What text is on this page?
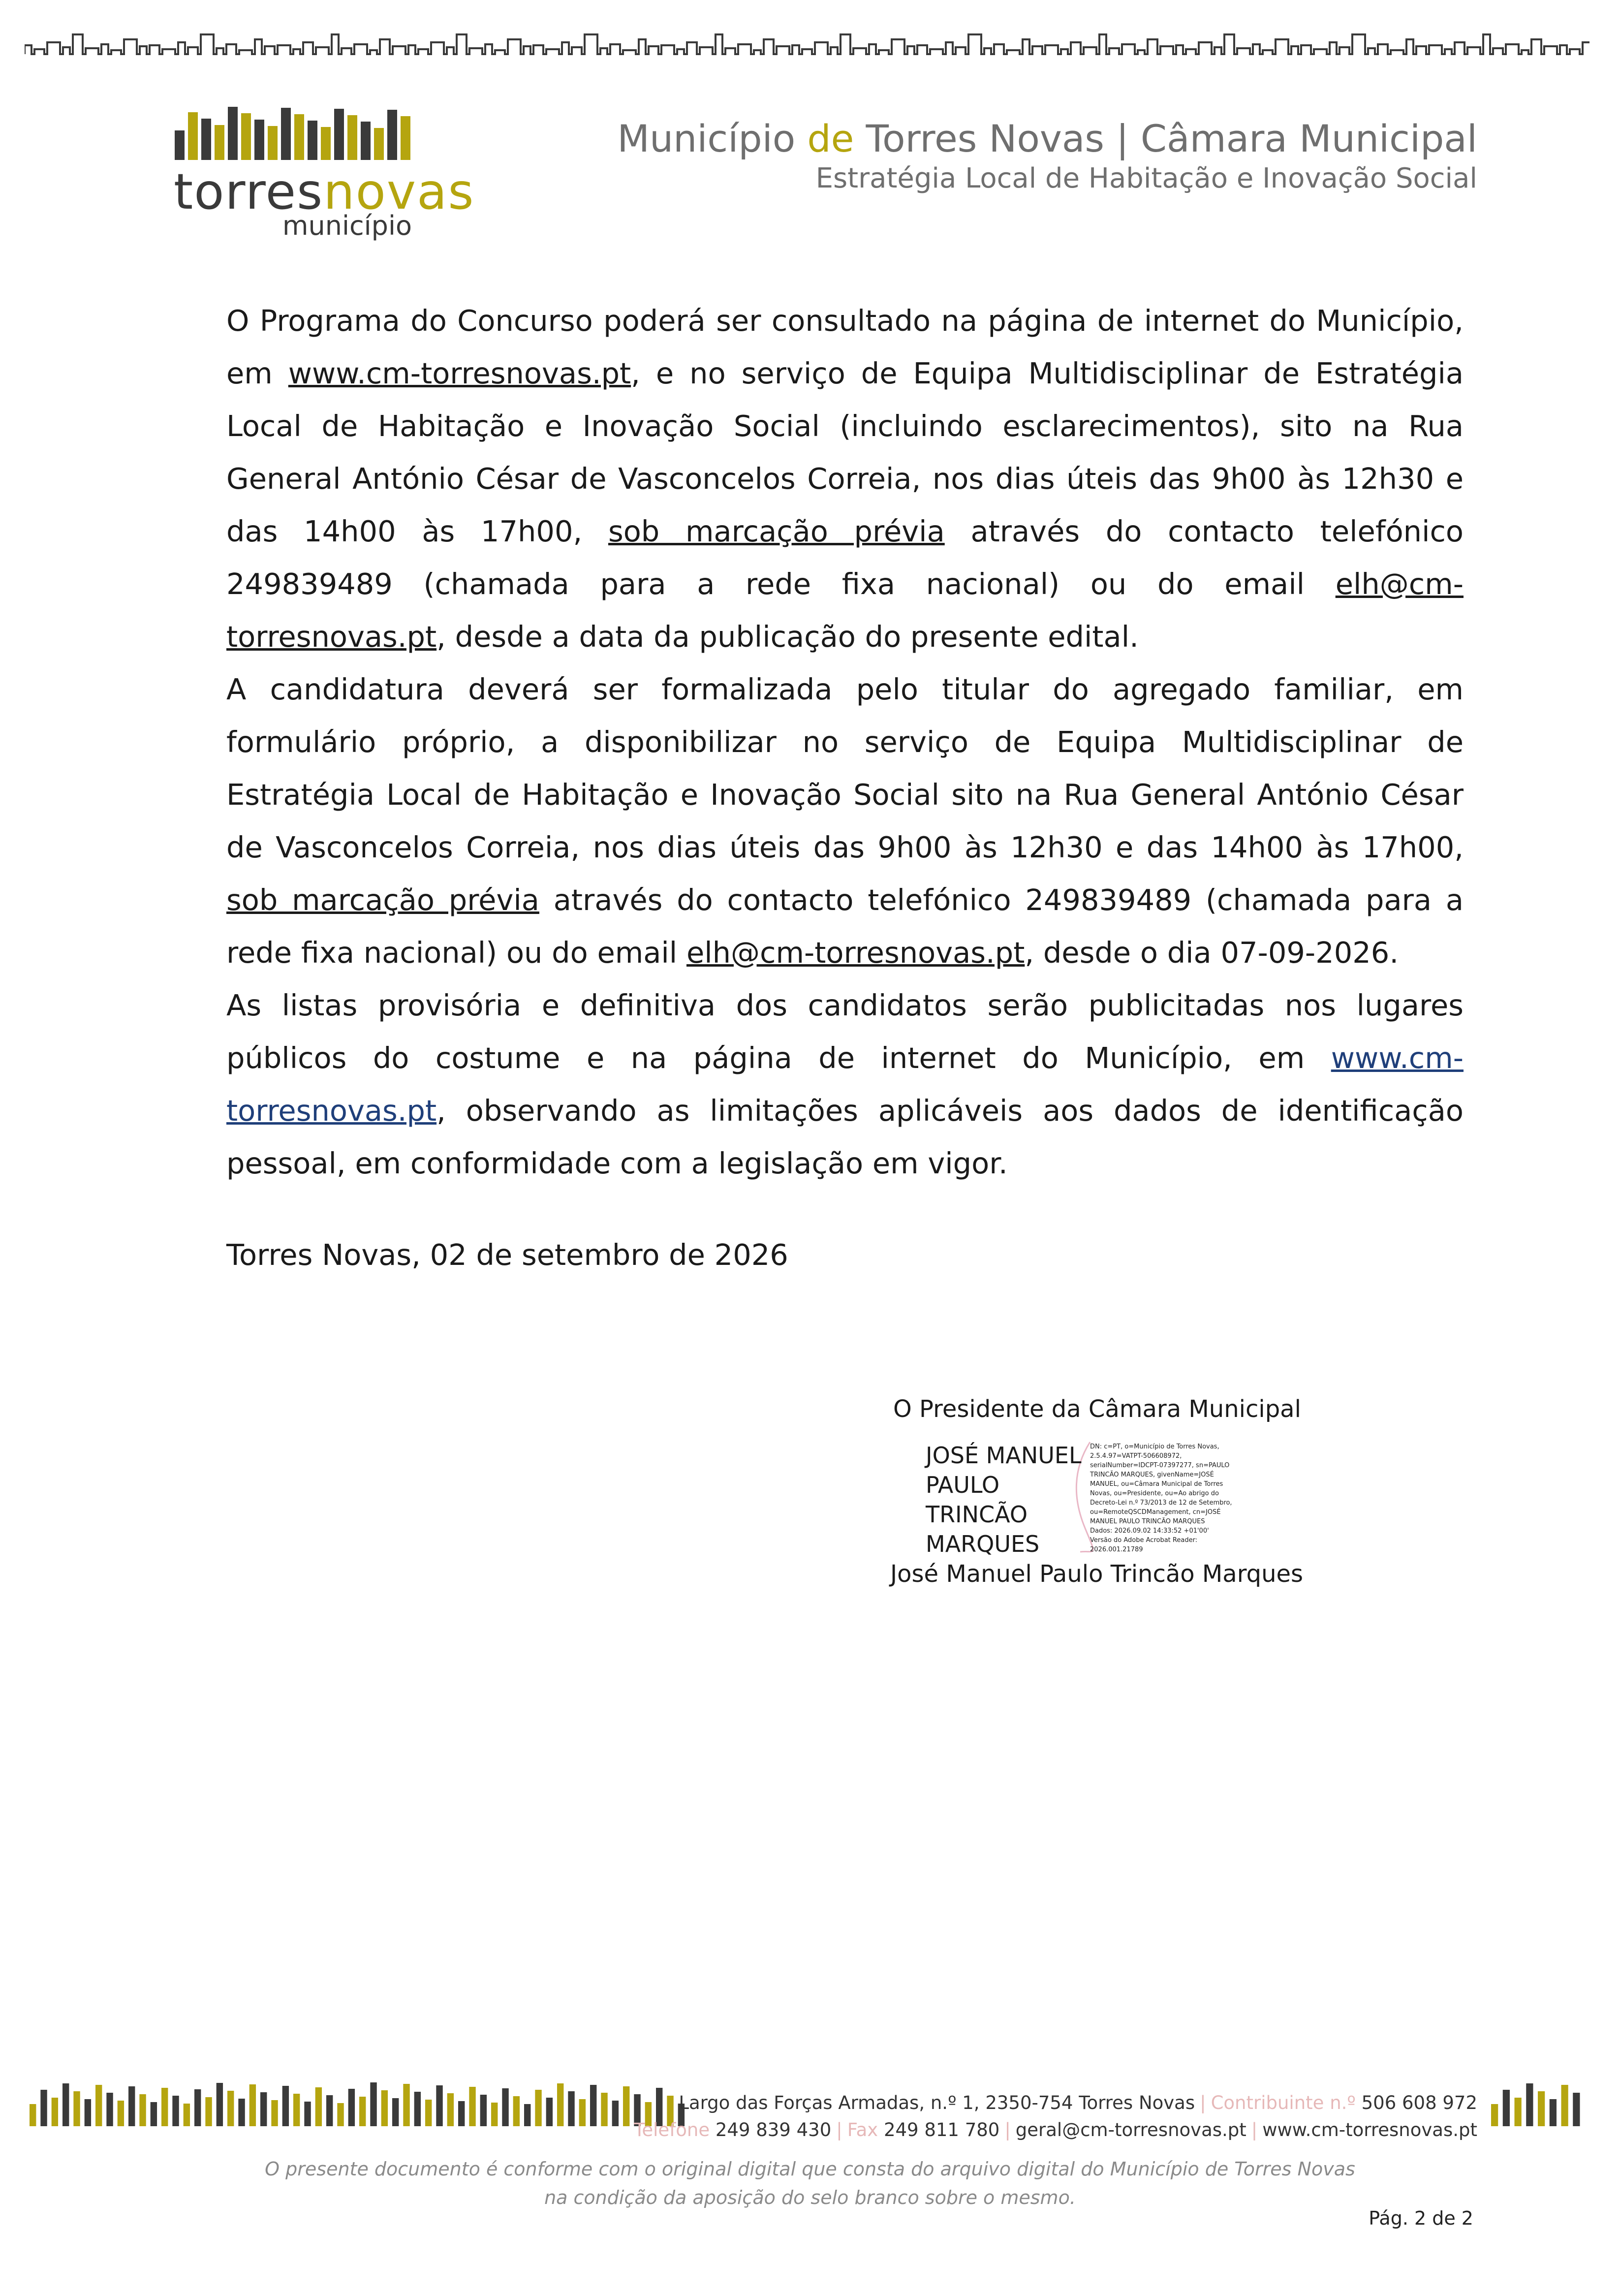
torresnovas
município
Município de Torres Novas | Câmara Municipal
Estratégia Local de Habitação e Inovação Social

O Programa do Concurso poderá ser consultado na página de internet do Município, em www.cm-torresnovas.pt, e no serviço de Equipa Multidisciplinar de Estratégia Local de Habitação e Inovação Social (incluindo esclarecimentos), sito na Rua General António César de Vasconcelos Correia, nos dias úteis das 9h00 às 12h30 e das 14h00 às 17h00, sob marcação prévia através do contacto telefónico 249839489 (chamada para a rede fixa nacional) ou do email elh@cm-torresnovas.pt, desde a data da publicação do presente edital.

A candidatura deverá ser formalizada pelo titular do agregado familiar, em formulário próprio, a disponibilizar no serviço de Equipa Multidisciplinar de Estratégia Local de Habitação e Inovação Social sito na Rua General António César de Vasconcelos Correia, nos dias úteis das 9h00 às 12h30 e das 14h00 às 17h00, sob marcação prévia através do contacto telefónico 249839489 (chamada para a rede fixa nacional) ou do email elh@cm-torresnovas.pt, desde o dia 07-09-2026.

As listas provisória e definitiva dos candidatos serão publicitadas nos lugares públicos do costume e na página de internet do Município, em www.cm-torresnovas.pt, observando as limitações aplicáveis aos dados de identificação pessoal, em conformidade com a legislação em vigor.

Torres Novas, 02 de setembro de 2026
O Presidente da Câmara Municipal
JOSÉ MANUEL
PAULO
TRINCÃO
MARQUES
DN: c=PT, o=Município de Torres Novas,
2.5.4.97=VATPT-506608972,
serialNumber=IDCPT-07397277, sn=PAULO
TRINCÃO MARQUES, givenName=JOSÉ
MANUEL, ou=Câmara Municipal de Torres
Novas, ou=Presidente, ou=Ao abrigo do
Decreto-Lei n.º 73/2013 de 12 de Setembro,
ou=RemoteQSCDManagement, cn=JOSÉ
MANUEL PAULO TRINCÃO MARQUES
Dados: 2026.09.02 14:33:52 +01'00'
Versão do Adobe Acrobat Reader:
2026.001.21789
José Manuel Paulo Trincão Marques
Largo das Forças Armadas, n.º 1, 2350-754 Torres Novas | Contribuinte n.º 506 608 972
Telefone 249 839 430 | Fax 249 811 780 | geral@cm-torresnovas.pt | www.cm-torresnovas.pt
O presente documento é conforme com o original digital que consta do arquivo digital do Município de Torres Novas
na condição da aposição do selo branco sobre o mesmo.
Pág. 2 de 2
